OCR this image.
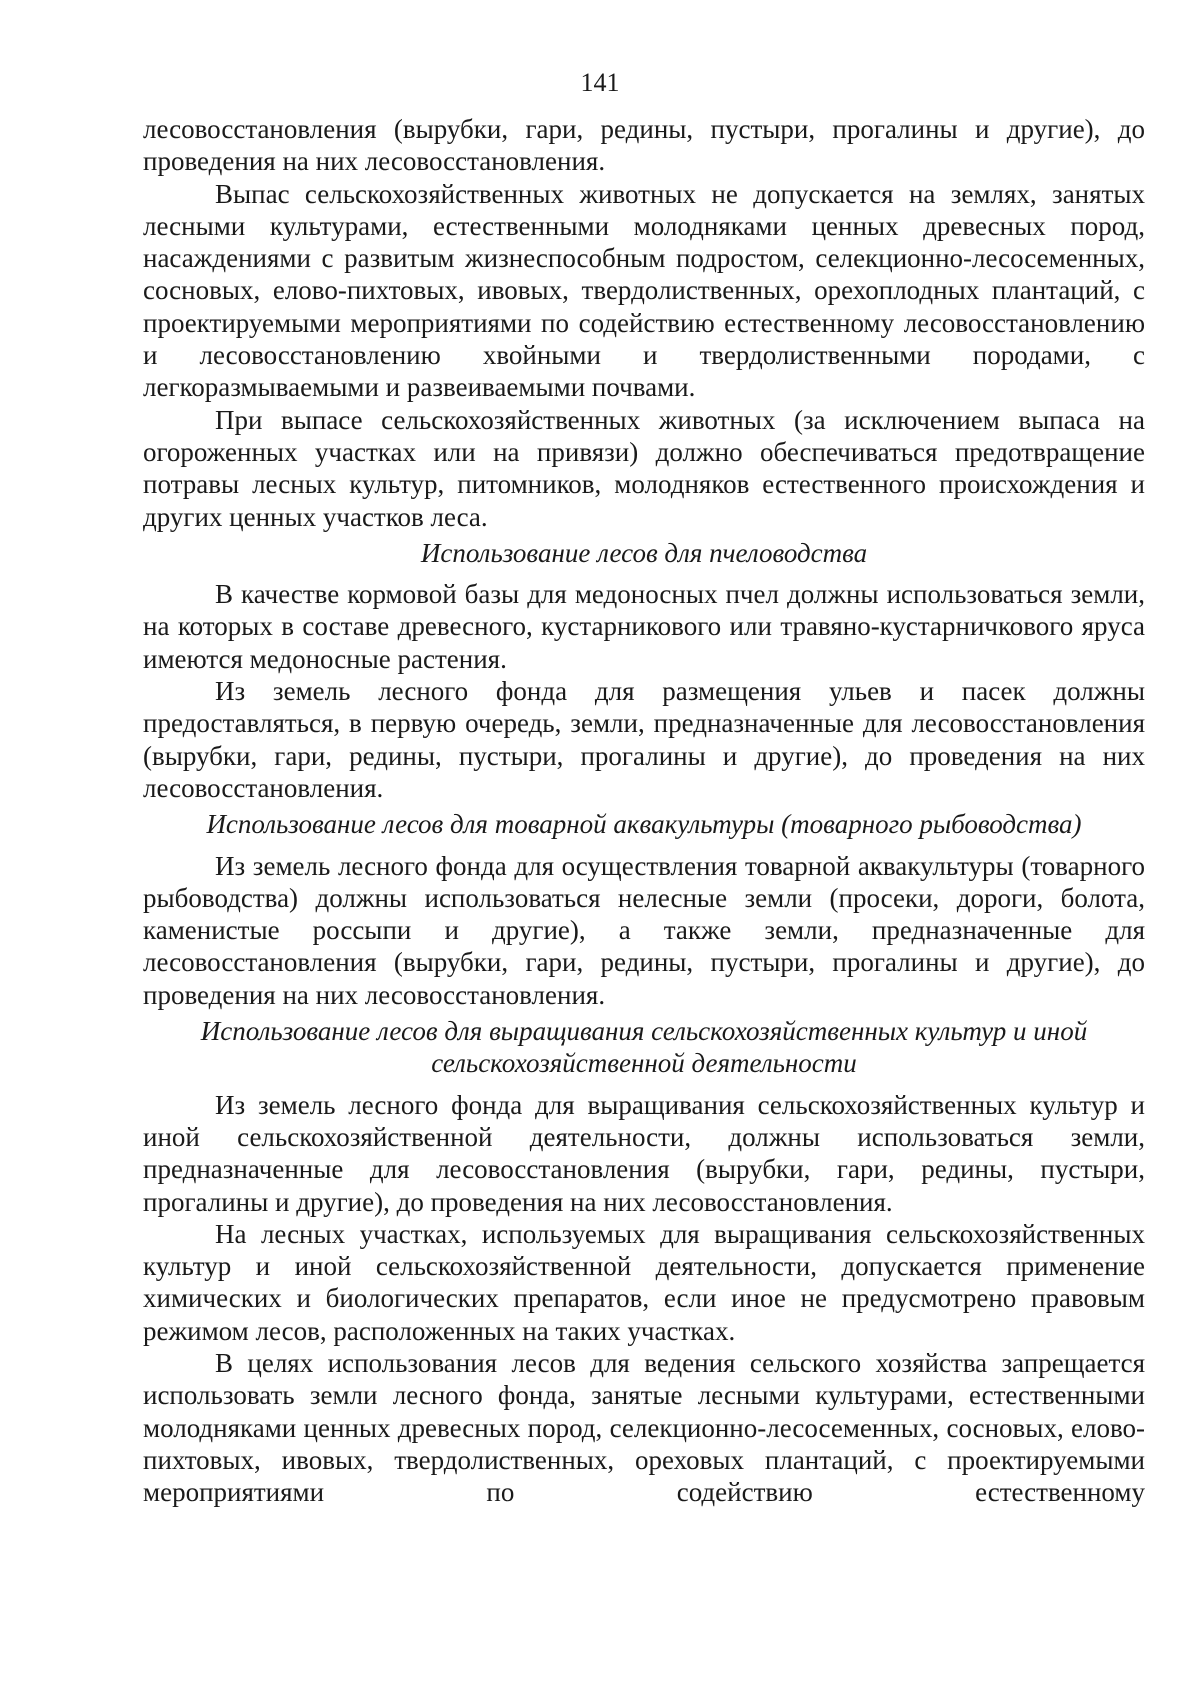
141

лесовосстановления (вырубки, гари, редины, пустыри, прогалины и другие), до проведения на них лесовосстановления.

Выпас сельскохозяйственных животных не допускается на землях, занятых лесными культурами, естественными молодняками ценных древесных пород, насаждениями с развитым жизнеспособным подростом, селекционно-лесосеменных, сосновых, елово-пихтовых, ивовых, твердолиственных, орехоплодных плантаций, с проектируемыми мероприятиями по содействию естественному лесовосстановлению и лесовосстановлению хвойными и твердолиственными породами, с легкоразмываемыми и развеиваемыми почвами.

При выпасе сельскохозяйственных животных (за исключением выпаса на огороженных участках или на привязи) должно обеспечиваться предотвращение потравы лесных культур, питомников, молодняков естественного происхождения и других ценных участков леса.

Использование лесов для пчеловодства

В качестве кормовой базы для медоносных пчел должны использоваться земли, на которых в составе древесного, кустарникового или травяно-кустарничкового яруса имеются медоносные растения.

Из земель лесного фонда для размещения ульев и пасек должны предоставляться, в первую очередь, земли, предназначенные для лесовосстановления (вырубки, гари, редины, пустыри, прогалины и другие), до проведения на них лесовосстановления.

Использование лесов для товарной аквакультуры (товарного рыбоводства)

Из земель лесного фонда для осуществления товарной аквакультуры (товарного рыбоводства) должны использоваться нелесные земли (просеки, дороги, болота, каменистые россыпи и другие), а также земли, предназначенные для лесовосстановления (вырубки, гари, редины, пустыри, прогалины и другие), до проведения на них лесовосстановления.

Использование лесов для выращивания сельскохозяйственных культур и иной сельскохозяйственной деятельности

Из земель лесного фонда для выращивания сельскохозяйственных культур и иной сельскохозяйственной деятельности, должны использоваться земли, предназначенные для лесовосстановления (вырубки, гари, редины, пустыри, прогалины и другие), до проведения на них лесовосстановления.

На лесных участках, используемых для выращивания сельскохозяйственных культур и иной сельскохозяйственной деятельности, допускается применение химических и биологических препаратов, если иное не предусмотрено правовым режимом лесов, расположенных на таких участках.

В целях использования лесов для ведения сельского хозяйства запрещается использовать земли лесного фонда, занятые лесными культурами, естественными молодняками ценных древесных пород, селекционно-лесосеменных, сосновых, елово-пихтовых, ивовых, твердолиственных, ореховых плантаций, с проектируемыми мероприятиями по содействию естественному
